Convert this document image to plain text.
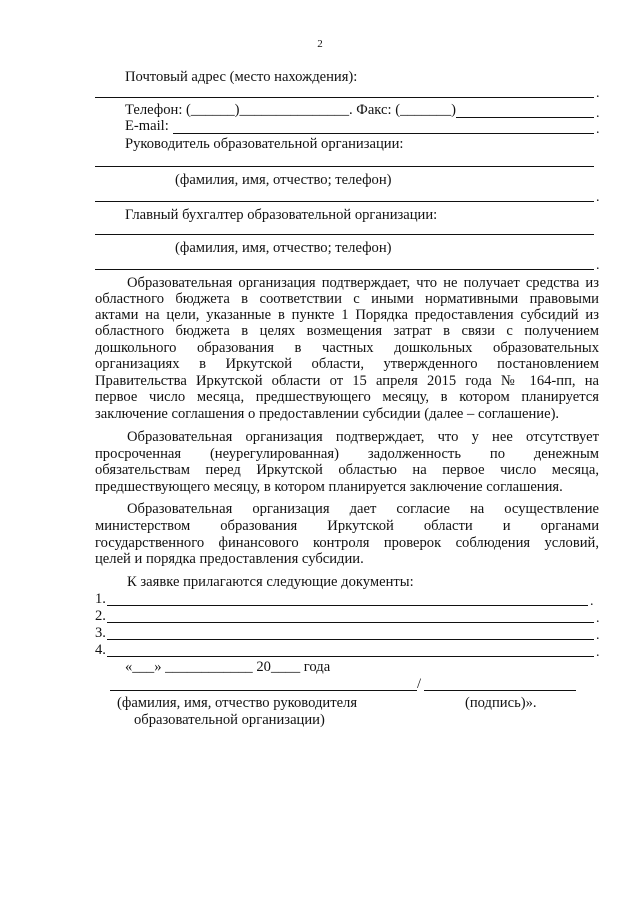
2
Почтовый адрес (место нахождения):
.
Телефон: (______)_______________. Факс: (_______)	.
E-mail:	.
Руководитель образовательной организации:
(фамилия, имя, отчество; телефон)
.
Главный бухгалтер образовательной организации:
(фамилия, имя, отчество; телефон)
.
Образовательная организация подтверждает, что не получает средства из
областного бюджета в соответствии с иными нормативными правовыми
актами на цели, указанные в пункте 1 Порядка предоставления субсидий из
областного бюджета в целях возмещения затрат в связи с получением
дошкольного образования в частных дошкольных образовательных
организациях в Иркутской области, утвержденного постановлением
Правительства Иркутской области от 15 апреля 2015 года № 164-пп, на
первое число месяца, предшествующего месяцу, в котором планируется
заключение соглашения о предоставлении субсидии (далее – соглашение).
Образовательная организация подтверждает, что у нее отсутствует
просроченная (неурегулированная) задолженность по денежным
обязательствам перед Иркутской областью на первое число месяца,
предшествующего месяцу, в котором планируется заключение соглашения.
Образовательная организация дает согласие на осуществление
министерством образования Иркутской области и органами
государственного финансового контроля проверок соблюдения условий,
целей и порядка предоставления субсидии.
К заявке прилагаются следующие документы:
1.	.
2.	.
3.	.
4.	.
«___» ____________ 20____ года
/
(фамилия, имя, отчество руководителя	(подпись)».
образовательной организации)
